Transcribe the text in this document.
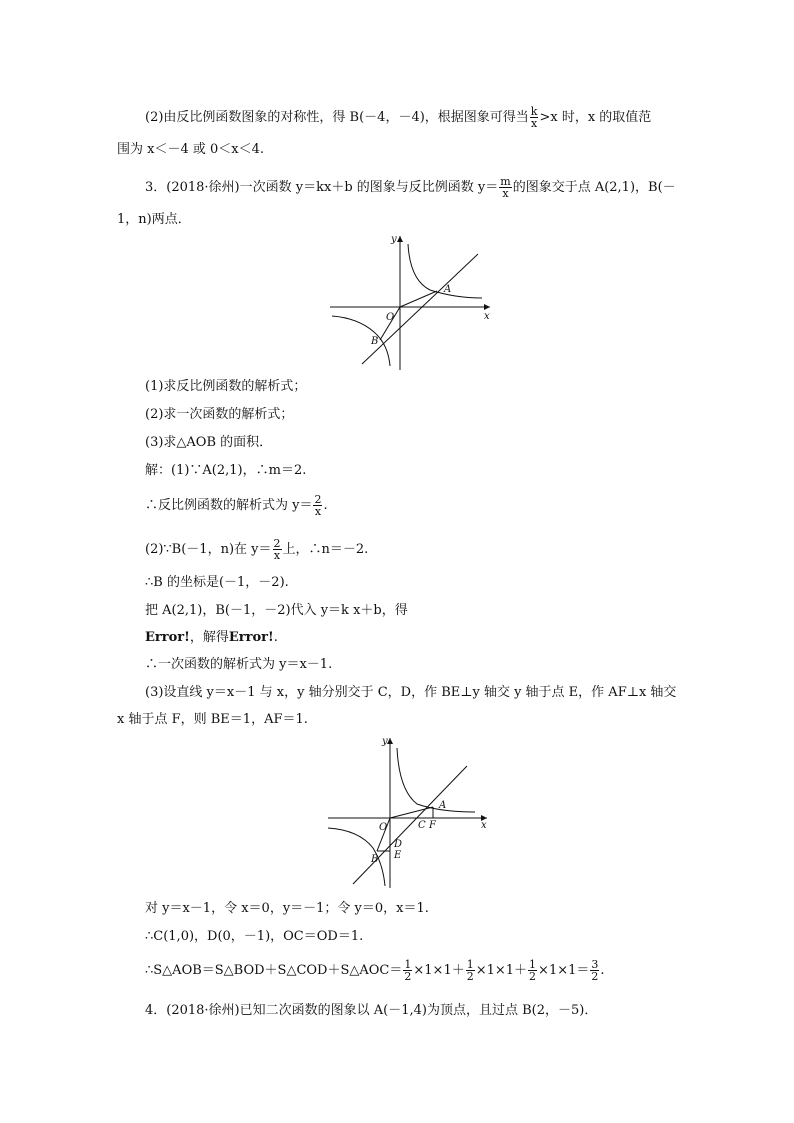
(2)由反比例函数图象的对称性，得 B(－4，－4)，根据图象可得当 $\frac{k}{x} >x$ 时，x 的取值范
围为 x＜－4 或 0＜x＜4.
3．(2018·徐州)一次函数 y＝kx＋b 的图象与反比例函数 $y= \frac{m}{x}$ 的图象交于点 A(2,1)，B(－
1，n)两点．
y
x
A
O
B
(1)求反比例函数的解析式；
(2)求一次函数的解析式；
(3)求△AOB 的面积．
解：(1)∵A(2,1)，∴m＝2.
∴反比例函数的解析式为 $y= \frac{2}{x}$ .
(2)∵B(－1，n)在 $y= \frac{2}{x}$ 上，∴n＝－2.
∴B 的坐标是(－1，－2).
把 A(2,1)，B(－1，－2)代入 y＝k x＋b，得
Error!，解得Error!.
∴一次函数的解析式为 y＝x－1.
(3)设直线 y＝x－1 与 x，y 轴分别交于 C，D，作 BE⊥y 轴交 y 轴于点 E，作 AF⊥x 轴交
x 轴于点 F，则 BE＝1，AF＝1.
y
x
A
O	C F
D
E
B
对 y＝x－1，令 x＝0，y＝－1；令 y＝0，x＝1.
∴C(1,0)，D(0，－1)，OC＝OD＝1.
∴S△AOB＝S△BOD＋S△COD＋S△AOC＝ $\frac{1}{2} \times 1\times 1+ \frac{1}{2} \times 1\times 1+ \frac{1}{2} \times 1\times 1= \frac{3}{2}$ .
4．(2018·徐州)已知二次函数的图象以 A(－1,4)为顶点，且过点 B(2，－5)．
